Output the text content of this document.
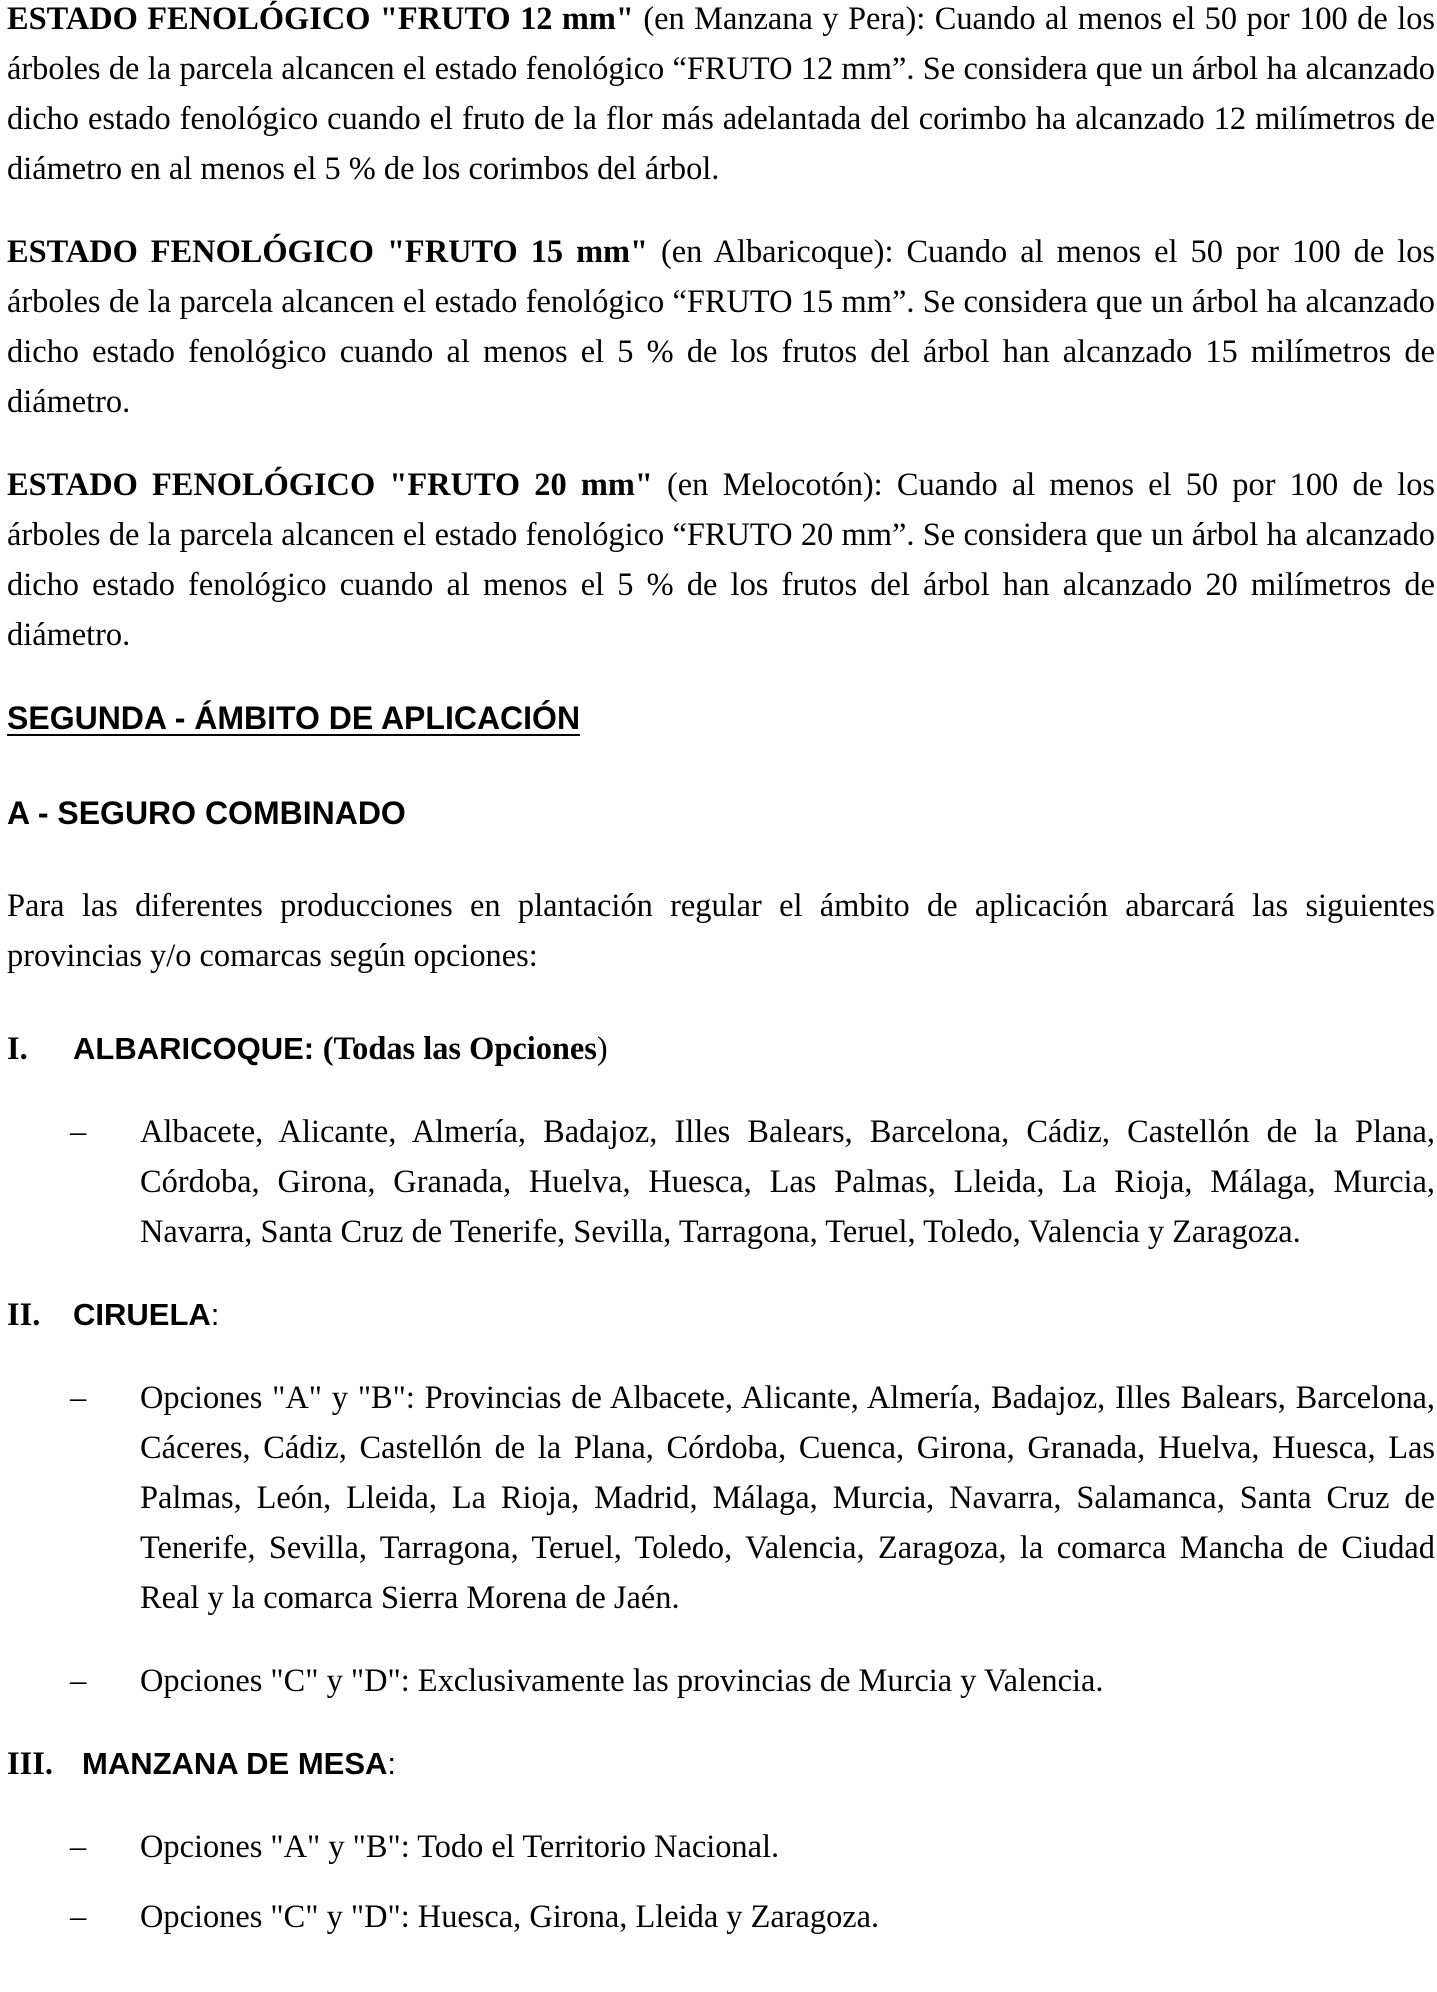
ESTADO FENOLÓGICO "FRUTO 12 mm" (en Manzana y Pera): Cuando al menos el 50 por 100 de los árboles de la parcela alcancen el estado fenológico “FRUTO 12 mm”. Se considera que un árbol ha alcanzado dicho estado fenológico cuando el fruto de la flor más adelantada del corimbo ha alcanzado 12 milímetros de diámetro en al menos el 5 % de los corimbos del árbol.

ESTADO FENOLÓGICO "FRUTO 15 mm" (en Albaricoque): Cuando al menos el 50 por 100 de los árboles de la parcela alcancen el estado fenológico “FRUTO 15 mm”. Se considera que un árbol ha alcanzado dicho estado fenológico cuando al menos el 5 % de los frutos del árbol han alcanzado 15 milímetros de diámetro.

ESTADO FENOLÓGICO "FRUTO 20 mm" (en Melocotón): Cuando al menos el 50 por 100 de los árboles de la parcela alcancen el estado fenológico “FRUTO 20 mm”. Se considera que un árbol ha alcanzado dicho estado fenológico cuando al menos el 5 % de los frutos del árbol han alcanzado 20 milímetros de diámetro.

SEGUNDA - ÁMBITO DE APLICACIÓN
A - SEGURO COMBINADO

Para las diferentes producciones en plantación regular el ámbito de aplicación abarcará las siguientes provincias y/o comarcas según opciones:

I.	ALBARICOQUE: (Todas las Opciones )

– Albacete, Alicante, Almería, Badajoz, Illes Balears, Barcelona, Cádiz, Castellón de la Plana, Córdoba, Girona, Granada, Huelva, Huesca, Las Palmas, Lleida, La Rioja, Málaga, Murcia, Navarra, Santa Cruz de Tenerife, Sevilla, Tarragona, Teruel, Toledo, Valencia y Zaragoza.

II.	CIRUELA :

– Opciones "A" y "B": Provincias de Albacete, Alicante, Almería, Badajoz, Illes Balears, Barcelona, Cáceres, Cádiz, Castellón de la Plana, Córdoba, Cuenca, Girona, Granada, Huelva, Huesca, Las Palmas, León, Lleida, La Rioja, Madrid, Málaga, Murcia, Navarra, Salamanca, Santa Cruz de Tenerife, Sevilla, Tarragona, Teruel, Toledo, Valencia, Zaragoza, la comarca Mancha de Ciudad Real y la comarca Sierra Morena de Jaén.

– Opciones "C" y "D": Exclusivamente las provincias de Murcia y Valencia.

III. MANZANA DE MESA :

– Opciones "A" y "B": Todo el Territorio Nacional.

– Opciones "C" y "D": Huesca, Girona, Lleida y Zaragoza.
